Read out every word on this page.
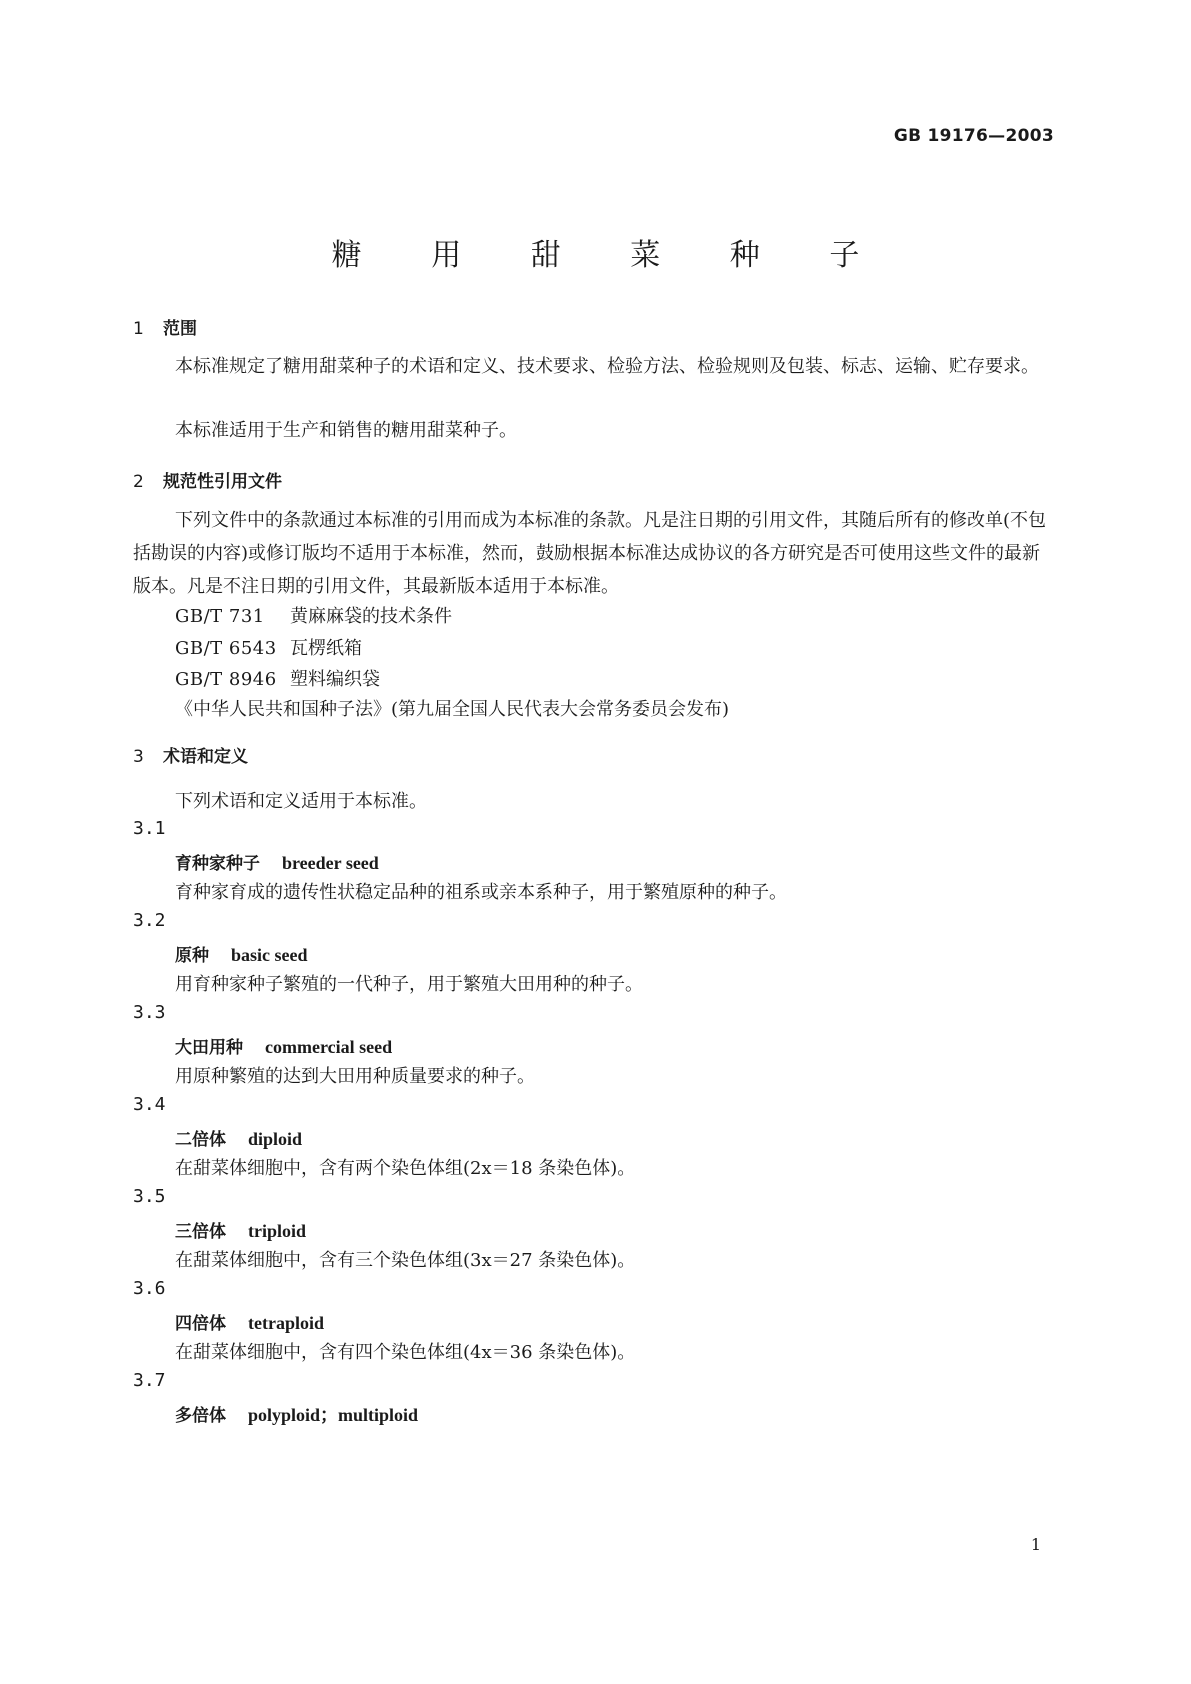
GB 19176—2003
糖 用 甜 菜 种 子
1 范围
本标准规定了糖用甜菜种子的术语和定义、技术要求、检验方法、检验规则及包装、标志、运输、贮存要求。
本标准适用于生产和销售的糖用甜菜种子。
2 规范性引用文件
下列文件中的条款通过本标准的引用而成为本标准的条款。凡是注日期的引用文件，其随后所有的修改单(不包括勘误的内容)或修订版均不适用于本标准，然而，鼓励根据本标准达成协议的各方研究是否可使用这些文件的最新版本。凡是不注日期的引用文件，其最新版本适用于本标准。
GB/T 731 黄麻麻袋的技术条件
GB/T 6543 瓦楞纸箱
GB/T 8946 塑料编织袋
《中华人民共和国种子法》(第九届全国人民代表大会常务委员会发布)
3 术语和定义
下列术语和定义适用于本标准。
3.1
育种家种子 breeder seed
育种家育成的遗传性状稳定品种的祖系或亲本系种子，用于繁殖原种的种子。
3.2
原种 basic seed
用育种家种子繁殖的一代种子，用于繁殖大田用种的种子。
3.3
大田用种 commercial seed
用原种繁殖的达到大田用种质量要求的种子。
3.4
二倍体 diploid
在甜菜体细胞中，含有两个染色体组(2x＝18 条染色体)。
3.5
三倍体 triploid
在甜菜体细胞中，含有三个染色体组(3x＝27 条染色体)。
3.6
四倍体 tetraploid
在甜菜体细胞中，含有四个染色体组(4x＝36 条染色体)。
3.7
多倍体 polyploid；multiploid
1
